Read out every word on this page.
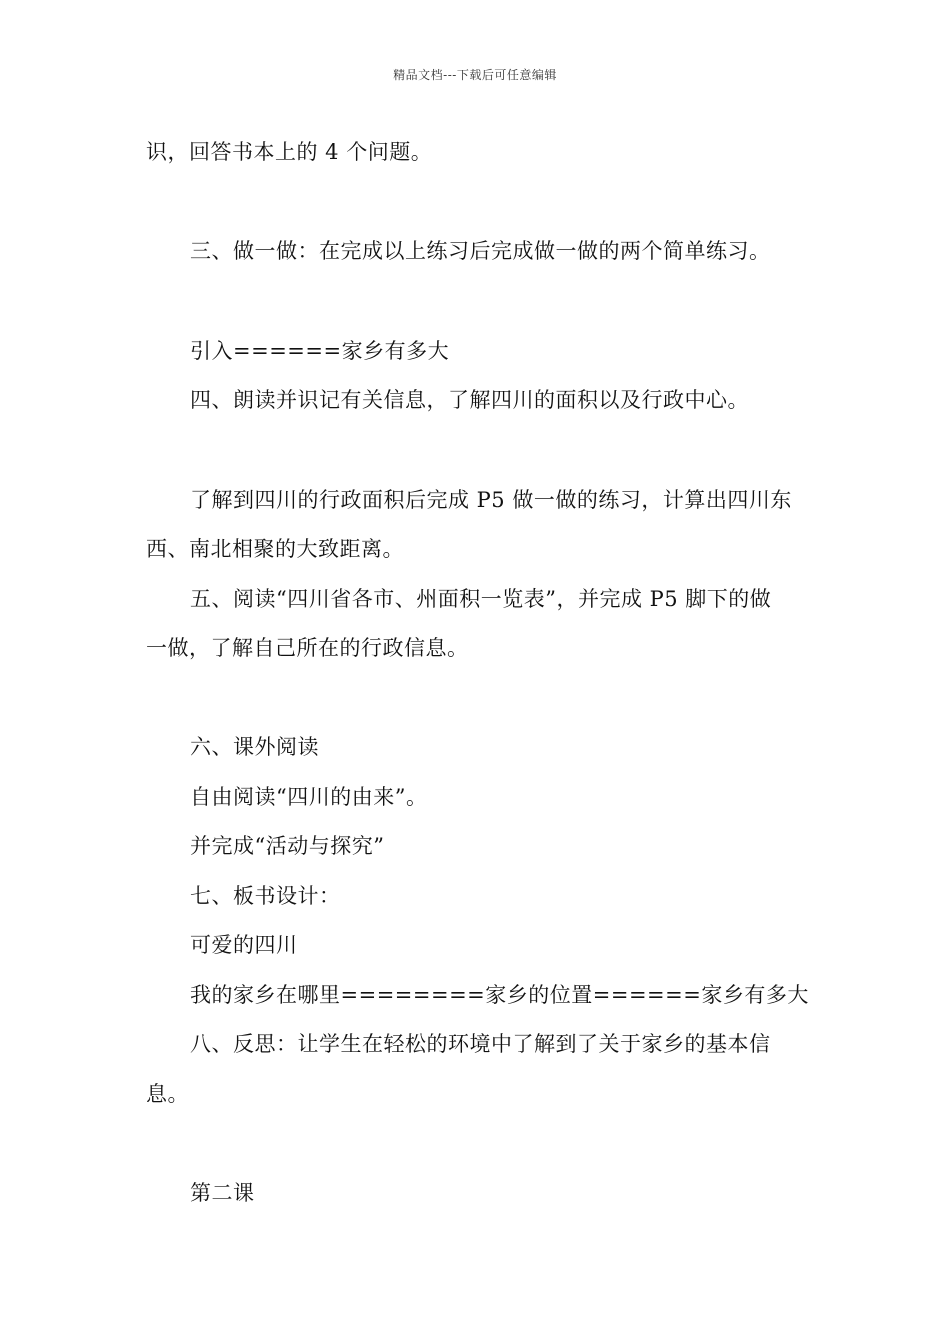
精品文档---下载后可任意编辑
识，回答书本上的 4 个问题。
三、做一做：在完成以上练习后完成做一做的两个简单练习。
引入======家乡有多大
四、朗读并识记有关信息，了解四川的面积以及行政中心。
了解到四川的行政面积后完成 P5 做一做的练习，计算出四川东
西、南北相聚的大致距离。
五、阅读“四川省各市、州面积一览表”，并完成 P5 脚下的做
一做，了解自己所在的行政信息。
六、课外阅读
自由阅读“四川的由来”。
并完成“活动与探究”
七、板书设计：
可爱的四川
我的家乡在哪里========家乡的位置======家乡有多大
八、反思：让学生在轻松的环境中了解到了关于家乡的基本信
息。
第二课
